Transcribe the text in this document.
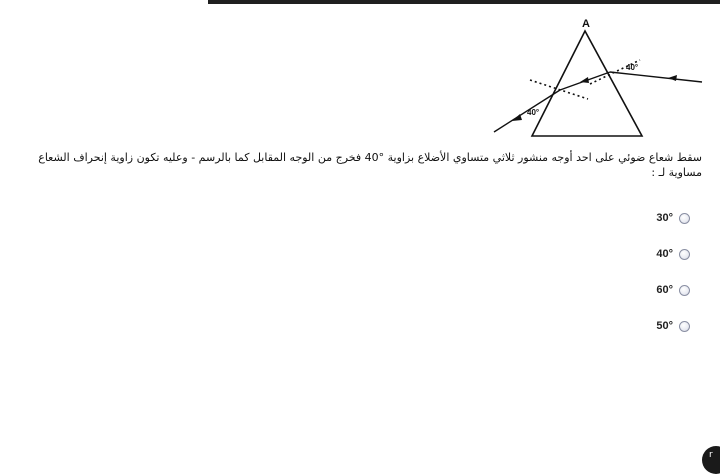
A
40°
40°

سقط شعاع ضوئي على احد أوجه منشور ثلاثي متساوي الأضلاع بزاوية °40 فخرج من الوجه المقابل كما بالرسم - وعليه تكون زاوية إنحراف الشعاع مساوية لـ :

30°
40°
60°
50°
r
